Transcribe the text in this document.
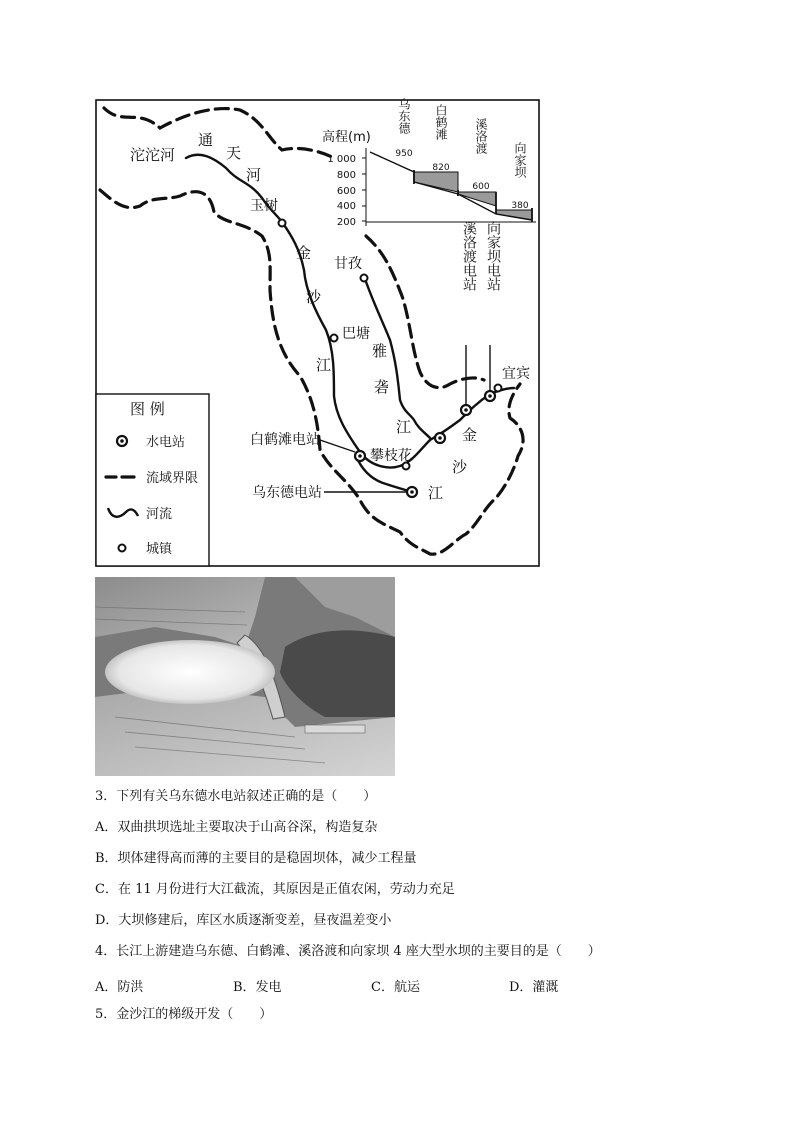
高程(m)
1 000
800
600
400
200
乌东德 白鹤滩 溪洛渡
向家坝
950
820
600
380
沱沱河
通
天
河
金
沙
江
雅
砻
江	金
沙
江
玉树
甘孜
巴塘
攀枝花
宜宾
溪洛渡电站 向家坝电站
白鹤滩电站
乌东德电站
图 例
水电站
流域界限
河流
城镇
3．下列有关乌东德水电站叙述正确的是（　　）
A．双曲拱坝选址主要取决于山高谷深，构造复杂
B．坝体建得高而薄的主要目的是稳固坝体，减少工程量
C．在 11 月份进行大江截流，其原因是正值农闲，劳动力充足
D．大坝修建后，库区水质逐渐变差，昼夜温差变小
4．长江上游建造乌东德、白鹤滩、溪洛渡和向家坝 4 座大型水坝的主要目的是（　　）
A．防洪	B．发电	C．航运	D．灌溉
5．金沙江的梯级开发（　　）
